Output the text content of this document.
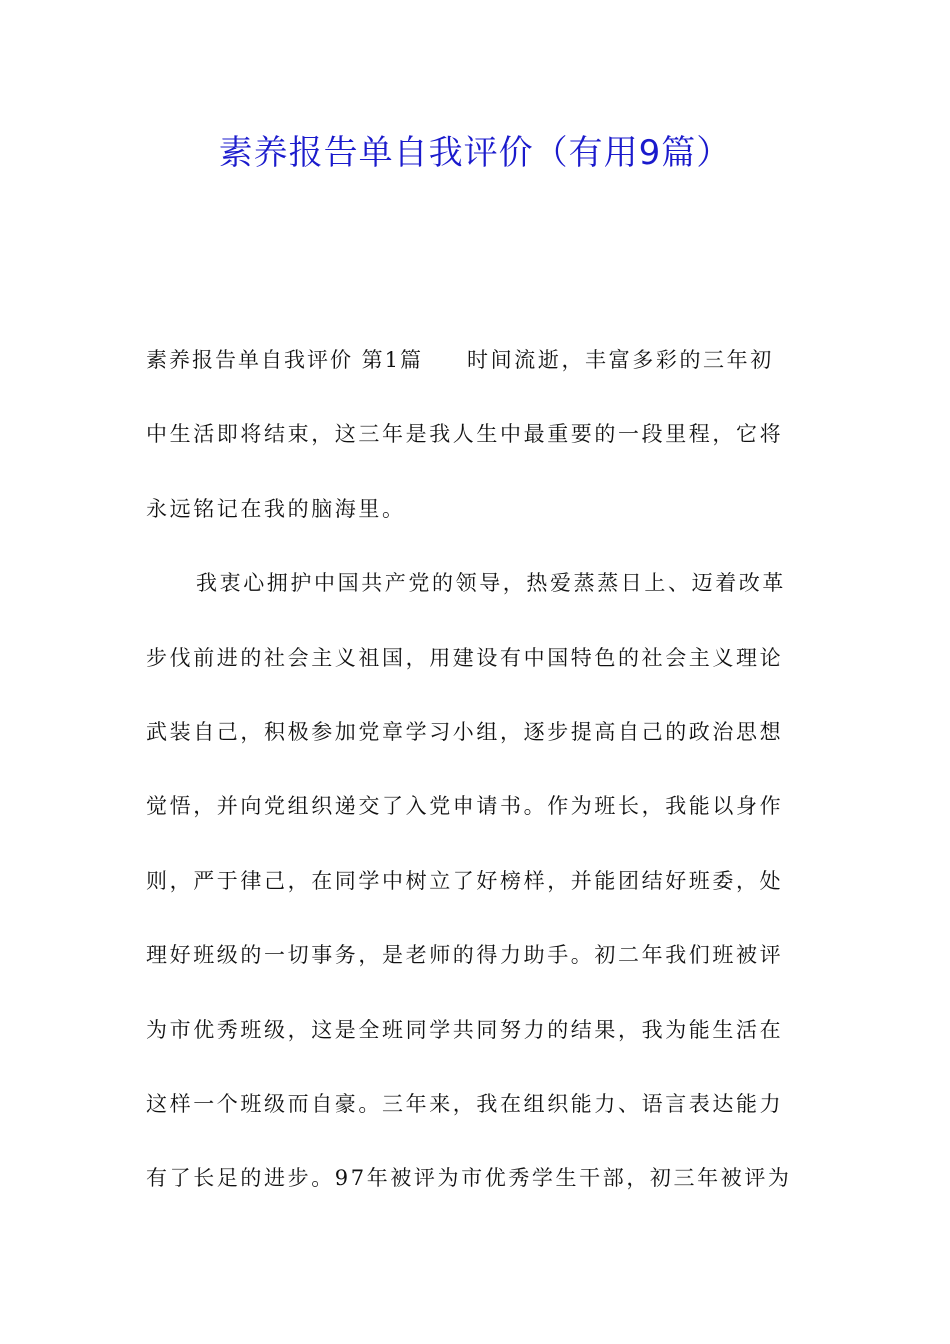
素养报告单自我评价（有用9篇）
素养报告单自我评价 第1篇 时间流逝，丰富多彩的三年初
中生活即将结束，这三年是我人生中最重要的一段里程，它将
永远铭记在我的脑海里。
我衷心拥护中国共产党的领导，热爱蒸蒸日上、迈着改革
步伐前进的社会主义祖国，用建设有中国特色的社会主义理论
武装自己，积极参加党章学习小组，逐步提高自己的政治思想
觉悟，并向党组织递交了入党申请书。作为班长，我能以身作
则，严于律己，在同学中树立了好榜样，并能团结好班委，处
理好班级的一切事务，是老师的得力助手。初二年我们班被评
为市优秀班级，这是全班同学共同努力的结果，我为能生活在
这样一个班级而自豪。三年来，我在组织能力、语言表达能力
有了长足的进步。97年被评为市优秀学生干部，初三年被评为
